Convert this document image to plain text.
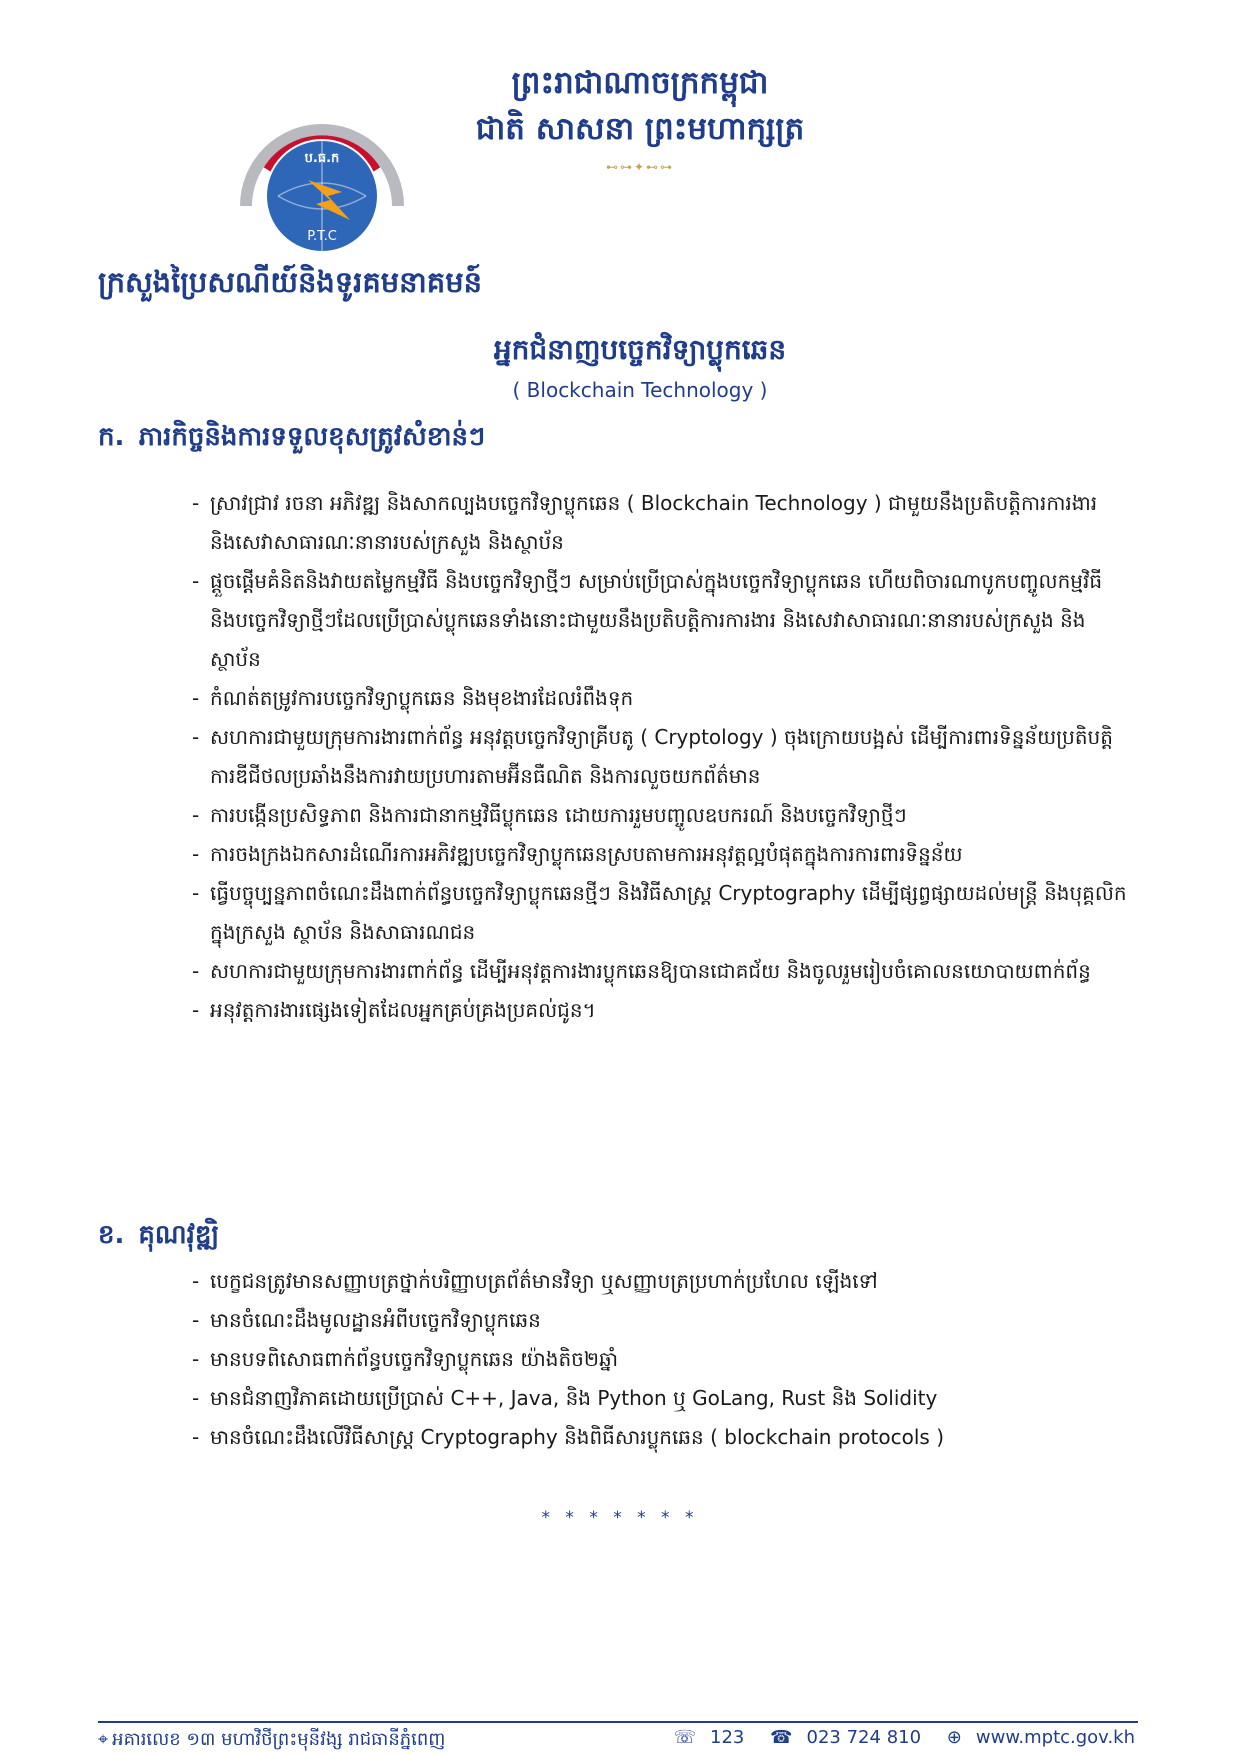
ប.ធ.ក
P.T.C
ព្រះរាជាណាចក្រកម្ពុជា
ជាតិ សាសនា ព្រះមហាក្សត្រ
⊷⊶✦⊷⊶
ក្រសួងប្រៃសណីយ៍និងទូរគមនាគមន៍
អ្នកជំនាញបច្ចេកវិទ្យាប្លុកឆេន
( Blockchain Technology )
ក. ភារកិច្ចនិងការទទួលខុសត្រូវសំខាន់ៗ
- ស្រាវជ្រាវ រចនា អភិវឌ្ឍ និងសាកល្បងបច្ចេកវិទ្យាប្លុកឆេន ( Blockchain Technology ) ជាមួយនឹងប្រតិបត្តិការការងារ និងសេវាសាធារណៈនានារបស់ក្រសួង និងស្ថាប័ន
- ផ្តួចផ្តើមគំនិតនិងវាយតម្លៃកម្មវិធី និងបច្ចេកវិទ្យាថ្មីៗ សម្រាប់ប្រើប្រាស់ក្នុងបច្ចេកវិទ្យាប្លុកឆេន ហើយពិចារណាបូកបញ្ចូលកម្មវិធី និងបច្ចេកវិទ្យាថ្មីៗដែលប្រើប្រាស់ប្លុកឆេនទាំងនោះជាមួយនឹងប្រតិបត្តិការការងារ និងសេវាសាធារណៈនានារបស់ក្រសួង និងស្ថាប័ន
- កំណត់តម្រូវការបច្ចេកវិទ្យាប្លុកឆេន និងមុខងារដែលរំពឹងទុក
- សហការជាមួយក្រុមការងារពាក់ព័ន្ធ អនុវត្តបច្ចេកវិទ្យាគ្រីបតូ ( Cryptology ) ចុងក្រោយបង្អស់ ដើម្បីការពារទិន្នន័យប្រតិបត្តិការឌីជីថលប្រឆាំងនឹងការវាយប្រហារតាមអ៊ីនធឺណិត និងការលួចយកព័ត៌មាន
- ការបង្កើនប្រសិទ្ធភាព និងការជានាកម្មវិធីប្លុកឆេន ដោយការរួមបញ្ចូលឧបករណ៍ និងបច្ចេកវិទ្យាថ្មីៗ
- ការចងក្រងឯកសារដំណើរការអភិវឌ្ឍបច្ចេកវិទ្យាប្លុកឆេនស្របតាមការអនុវត្តល្អបំផុតក្នុងការការពារទិន្នន័យ
- ធ្វើបច្ចុប្បន្នភាពចំណេះដឹងពាក់ព័ន្ធបច្ចេកវិទ្យាប្លុកឆេនថ្មីៗ និងវិធីសាស្ត្រ Cryptography ដើម្បីផ្សព្វផ្សាយដល់មន្ត្រី និងបុគ្គលិកក្នុងក្រសួង ស្ថាប័ន និងសាធារណជន
- សហការជាមួយក្រុមការងារពាក់ព័ន្ធ ដើម្បីអនុវត្តការងារប្លុកឆេនឱ្យបានជោគជ័យ និងចូលរួមរៀបចំគោលនយោបាយពាក់ព័ន្ធ
- អនុវត្តការងារផ្សេងទៀតដែលអ្នកគ្រប់គ្រងប្រគល់ជូន។
ខ. គុណវុឌ្ឍិ
- បេក្ខជនត្រូវមានសញ្ញាបត្រថ្នាក់បរិញ្ញាបត្រព័ត៌មានវិទ្យា ឬសញ្ញាបត្រប្រហាក់ប្រហែល ឡើងទៅ
- មានចំណេះដឹងមូលដ្ឋានអំពីបច្ចេកវិទ្យាប្លុកឆេន
- មានបទពិសោធពាក់ព័ន្ធបច្ចេកវិទ្យាប្លុកឆេន យ៉ាងតិច២ឆ្នាំ
- មានជំនាញវិភាគដោយប្រើប្រាស់ C++, Java, និង Python ឬ GoLang, Rust និង Solidity
- មានចំណេះដឹងលើវិធីសាស្ត្រ Cryptography និងពិធីសារប្លុកឆេន ( blockchain protocols )
* * * * * * *
⌖ អគារលេខ ១៣ មហាវិថីព្រះមុនីវង្ស រាជធានីភ្នំពេញ	☏ 123 ☎ 023 724 810 ⊕ www.mptc.gov.kh
